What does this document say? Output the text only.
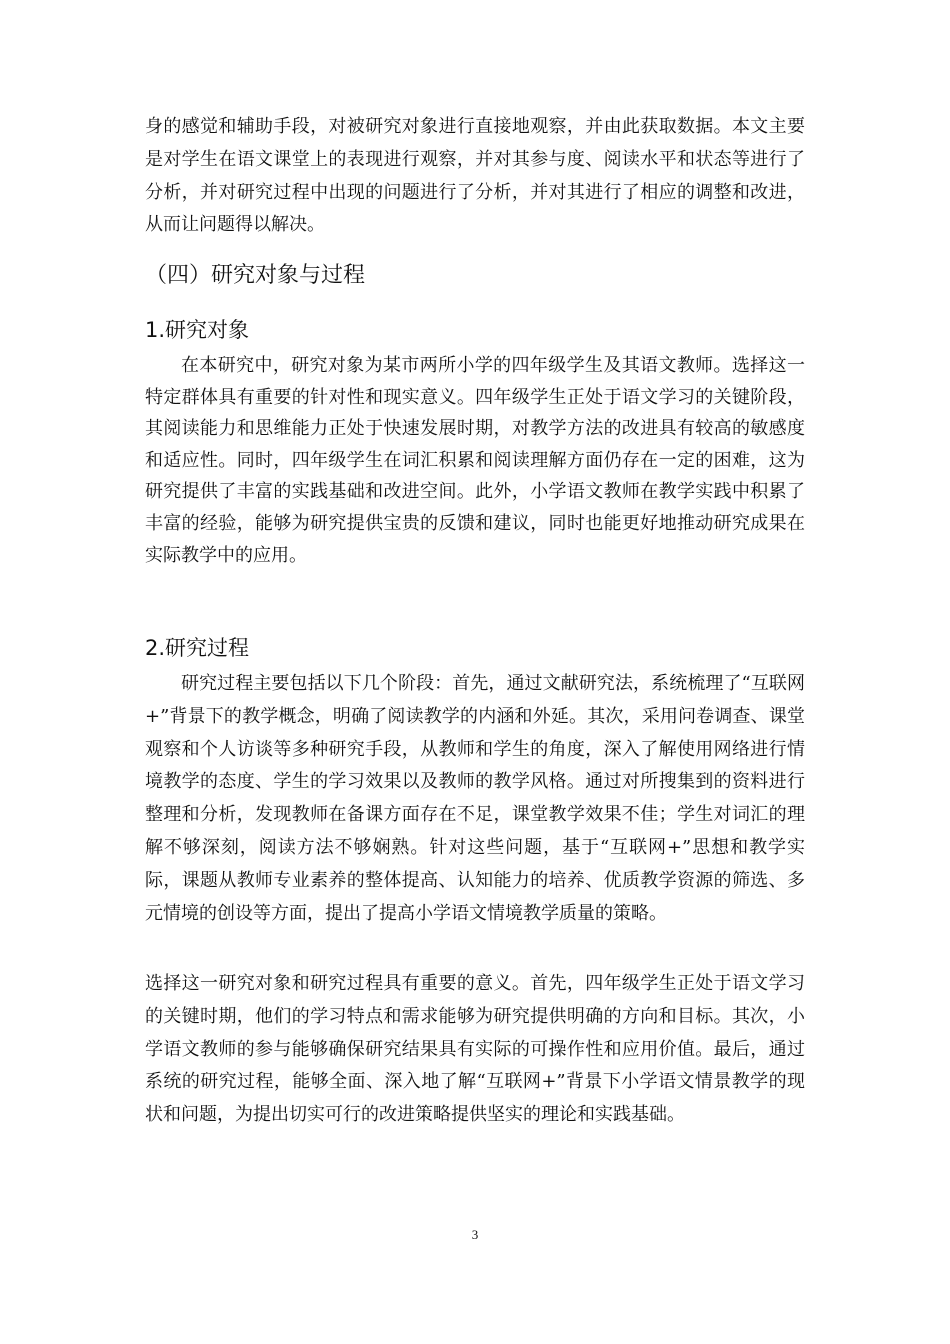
身的感觉和辅助手段，对被研究对象进行直接地观察，并由此获取数据。本文主要是对学生在语文课堂上的表现进行观察，并对其参与度、阅读水平和状态等进行了分析，并对研究过程中出现的问题进行了分析，并对其进行了相应的调整和改进，从而让问题得以解决。

（四）研究对象与过程
1.研究对象

在本研究中，研究对象为某市两所小学的四年级学生及其语文教师。选择这一特定群体具有重要的针对性和现实意义。四年级学生正处于语文学习的关键阶段，其阅读能力和思维能力正处于快速发展时期，对教学方法的改进具有较高的敏感度和适应性。同时，四年级学生在词汇积累和阅读理解方面仍存在一定的困难，这为研究提供了丰富的实践基础和改进空间。此外，小学语文教师在教学实践中积累了丰富的经验，能够为研究提供宝贵的反馈和建议，同时也能更好地推动研究成果在实际教学中的应用。

2.研究过程

研究过程主要包括以下几个阶段：首先，通过文献研究法，系统梳理了“互联网+”背景下的教学概念，明确了阅读教学的内涵和外延。其次，采用问卷调查、课堂观察和个人访谈等多种研究手段，从教师和学生的角度，深入了解使用网络进行情境教学的态度、学生的学习效果以及教师的教学风格。通过对所搜集到的资料进行整理和分析，发现教师在备课方面存在不足，课堂教学效果不佳；学生对词汇的理解不够深刻，阅读方法不够娴熟。针对这些问题，基于“互联网+”思想和教学实际，课题从教师专业素养的整体提高、认知能力的培养、优质教学资源的筛选、多元情境的创设等方面，提出了提高小学语文情境教学质量的策略。

选择这一研究对象和研究过程具有重要的意义。首先，四年级学生正处于语文学习的关键时期，他们的学习特点和需求能够为研究提供明确的方向和目标。其次，小学语文教师的参与能够确保研究结果具有实际的可操作性和应用价值。最后，通过系统的研究过程，能够全面、深入地了解“互联网+”背景下小学语文情景教学的现状和问题，为提出切实可行的改进策略提供坚实的理论和实践基础。

3
